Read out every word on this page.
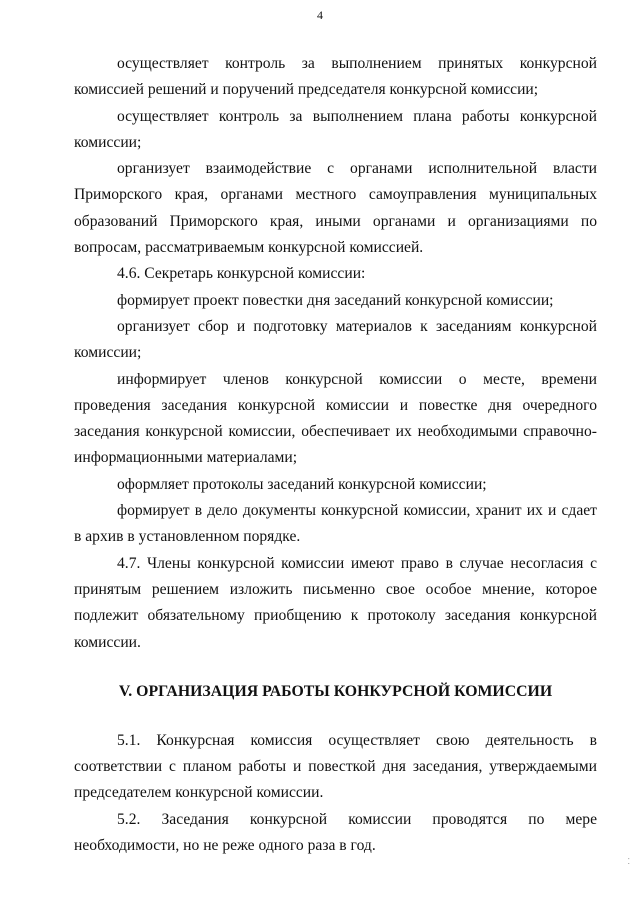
4

осуществляет контроль за выполнением принятых конкурсной комиссией решений и поручений председателя конкурсной комиссии;

осуществляет контроль за выполнением плана работы конкурсной комиссии;

организует взаимодействие с органами исполнительной власти Приморского края, органами местного самоуправления муниципальных образований Приморского края, иными органами и организациями по вопросам, рассматриваемым конкурсной комиссией.

4.6. Секретарь конкурсной комиссии:

формирует проект повестки дня заседаний конкурсной комиссии;

организует сбор и подготовку материалов к заседаниям конкурсной комиссии;

информирует членов конкурсной комиссии о месте, времени проведения заседания конкурсной комиссии и повестке дня очередного заседания конкурсной комиссии, обеспечивает их необходимыми справочно-информационными материалами;

оформляет протоколы заседаний конкурсной комиссии;

формирует в дело документы конкурсной комиссии, хранит их и сдает в архив в установленном порядке.

4.7. Члены конкурсной комиссии имеют право в случае несогласия с принятым решением изложить письменно свое особое мнение, которое подлежит обязательному приобщению к протоколу заседания конкурсной комиссии.

V. ОРГАНИЗАЦИЯ РАБОТЫ КОНКУРСНОЙ КОМИССИИ

5.1. Конкурсная комиссия осуществляет свою деятельность в соответствии с планом работы и повесткой дня заседания, утверждаемыми председателем конкурсной комиссии.

5.2. Заседания конкурсной комиссии проводятся по мере необходимости, но не реже одного раза в год.

⁚
